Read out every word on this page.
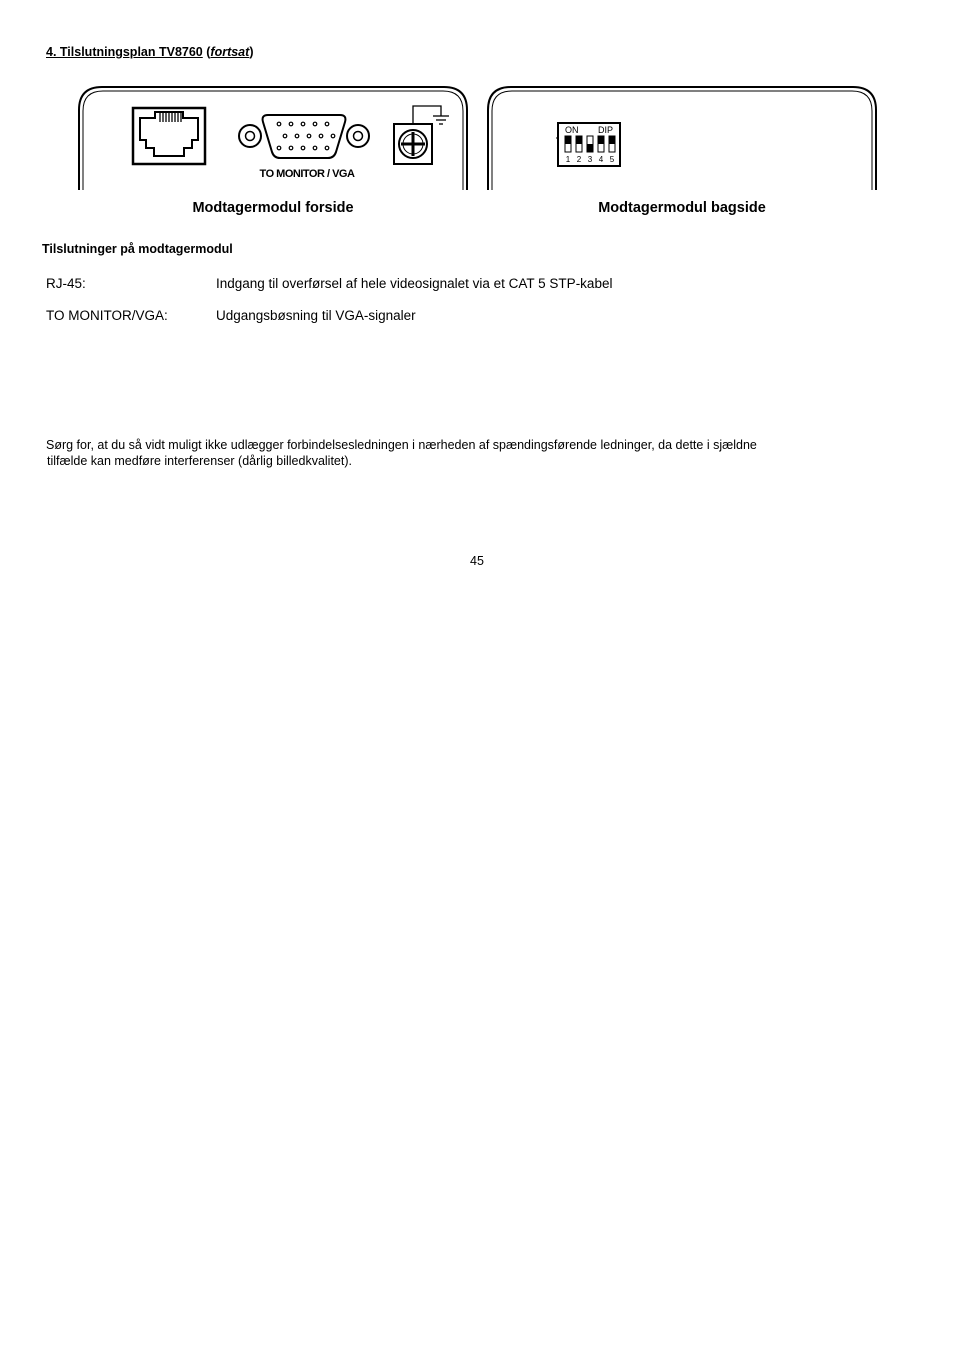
4. Tilslutningsplan TV8760 (fortsat)
TO MONITOR / VGA
ON DIP
1 2 3 4 5
Modtagermodul forside	Modtagermodul bagside
Tilslutninger på modtagermodul
RJ-45:	Indgang til overførsel af hele videosignalet via et CAT 5 STP-kabel
TO MONITOR/VGA:	Udgangsbøsning til VGA-signaler
Sørg for, at du så vidt muligt ikke udlægger forbindelsesledningen i nærheden af spændingsførende ledninger, da dette i sjældne
tilfælde kan medføre interferenser (dårlig billedkvalitet).
45
